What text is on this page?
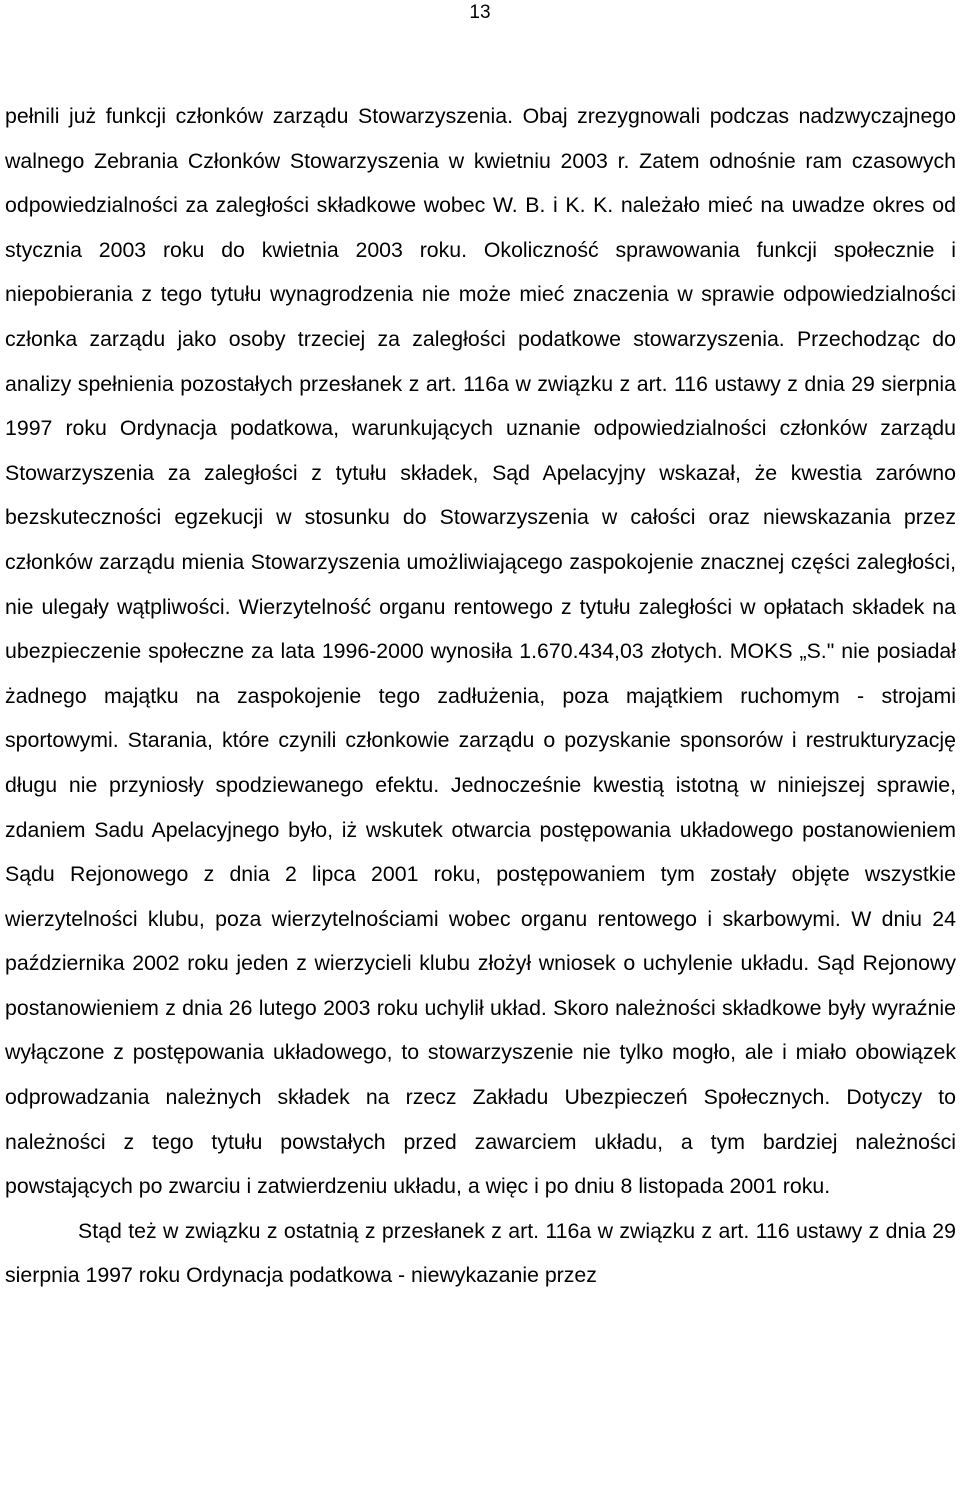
13

pełnili już funkcji członków zarządu Stowarzyszenia. Obaj zrezygnowali podczas nadzwyczajnego walnego Zebrania Członków Stowarzyszenia w kwietniu 2003 r. Zatem odnośnie ram czasowych odpowiedzialności za zaległości składkowe wobec W. B. i K. K. należało mieć na uwadze okres od stycznia 2003 roku do kwietnia 2003 roku. Okoliczność sprawowania funkcji społecznie i niepobierania z tego tytułu wynagrodzenia nie może mieć znaczenia w sprawie odpowiedzialności członka zarządu jako osoby trzeciej za zaległości podatkowe stowarzyszenia. Przechodząc do analizy spełnienia pozostałych przesłanek z art. 116a w związku z art. 116 ustawy z dnia 29 sierpnia 1997 roku Ordynacja podatkowa, warunkujących uznanie odpowiedzialności członków zarządu Stowarzyszenia za zaległości z tytułu składek, Sąd Apelacyjny wskazał, że kwestia zarówno bezskuteczności egzekucji w stosunku do Stowarzyszenia w całości oraz niewskazania przez członków zarządu mienia Stowarzyszenia umożliwiającego zaspokojenie znacznej części zaległości, nie ulegały wątpliwości. Wierzytelność organu rentowego z tytułu zaległości w opłatach składek na ubezpieczenie społeczne za lata 1996-2000 wynosiła 1.670.434,03 złotych. MOKS „S." nie posiadał żadnego majątku na zaspokojenie tego zadłużenia, poza majątkiem ruchomym - strojami sportowymi. Starania, które czynili członkowie zarządu o pozyskanie sponsorów i restrukturyzację długu nie przyniosły spodziewanego efektu. Jednocześnie kwestią istotną w niniejszej sprawie, zdaniem Sadu Apelacyjnego było, iż wskutek otwarcia postępowania układowego postanowieniem Sądu Rejonowego z dnia 2 lipca 2001 roku, postępowaniem tym zostały objęte wszystkie wierzytelności klubu, poza wierzytelnościami wobec organu rentowego i skarbowymi. W dniu 24 października 2002 roku jeden z wierzycieli klubu złożył wniosek o uchylenie układu. Sąd Rejonowy postanowieniem z dnia 26 lutego 2003 roku uchylił układ. Skoro należności składkowe były wyraźnie wyłączone z postępowania układowego, to stowarzyszenie nie tylko mogło, ale i miało obowiązek odprowadzania należnych składek na rzecz Zakładu Ubezpieczeń Społecznych. Dotyczy to należności z tego tytułu powstałych przed zawarciem układu, a tym bardziej należności powstających po zwarciu i zatwierdzeniu układu, a więc i po dniu 8 listopada 2001 roku.

Stąd też w związku z ostatnią z przesłanek z art. 116a w związku z art. 116 ustawy z dnia 29 sierpnia 1997 roku Ordynacja podatkowa - niewykazanie przez
